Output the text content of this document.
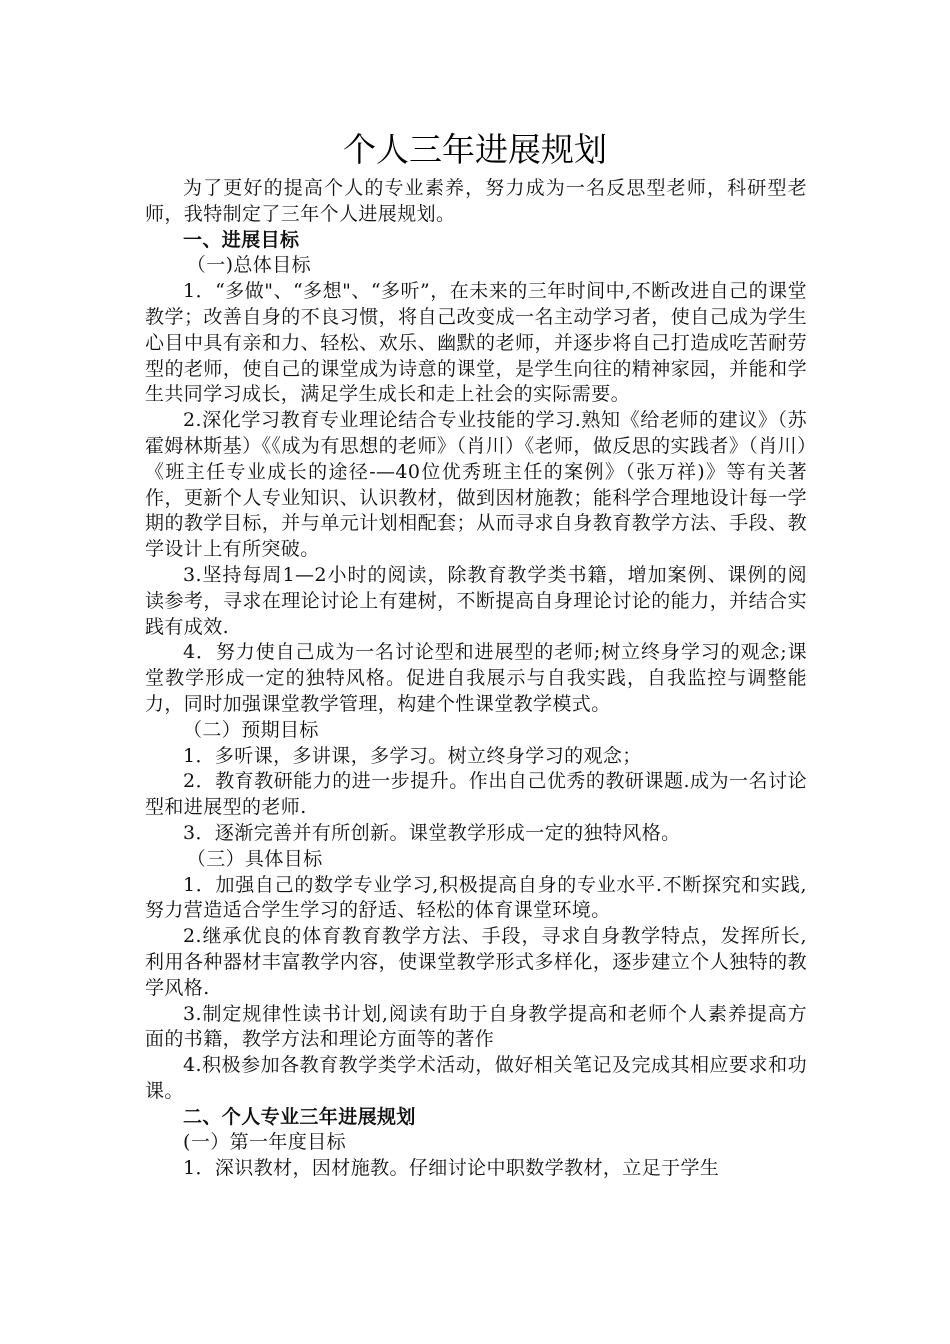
个人三年进展规划

为了更好的提高个人的专业素养，努力成为一名反思型老师，科研型老师，我特制定了三年个人进展规划。

一、进展目标

（一)总体目标

1．“多做"、“多想"、“多听”，在未来的三年时间中,不断改进自己的课堂教学；改善自身的不良习惯，将自己改变成一名主动学习者，使自己成为学生心目中具有亲和力、轻松、欢乐、幽默的老师，并逐步将自己打造成吃苦耐劳型的老师，使自己的课堂成为诗意的课堂，是学生向往的精神家园，并能和学生共同学习成长，满足学生成长和走上社会的实际需要。

2.深化学习教育专业理论结合专业技能的学习.熟知《给老师的建议》（苏霍姆林斯基）《《成为有思想的老师》（肖川）《老师，做反思的实践者》（肖川）《班主任专业成长的途径-—40位优秀班主任的案例》（张万祥)》等有关著作，更新个人专业知识、认识教材，做到因材施教；能科学合理地设计每一学期的教学目标，并与单元计划相配套；从而寻求自身教育教学方法、手段、教学设计上有所突破。

3.坚持每周1—2小时的阅读，除教育教学类书籍，增加案例、课例的阅读参考，寻求在理论讨论上有建树，不断提高自身理论讨论的能力，并结合实践有成效.

4．努力使自己成为一名讨论型和进展型的老师;树立终身学习的观念;课堂教学形成一定的独特风格。促进自我展示与自我实践，自我监控与调整能力，同时加强课堂教学管理，构建个性课堂教学模式。

（二）预期目标

1．多听课，多讲课，多学习。树立终身学习的观念；

2．教育教研能力的进一步提升。作出自己优秀的教研课题.成为一名讨论型和进展型的老师.

3．逐渐完善并有所创新。课堂教学形成一定的独特风格。

（三）具体目标

1．加强自己的数学专业学习,积极提高自身的专业水平.不断探究和实践,努力营造适合学生学习的舒适、轻松的体育课堂环境。

2.继承优良的体育教育教学方法、手段，寻求自身教学特点，发挥所长,利用各种器材丰富教学内容，使课堂教学形式多样化，逐步建立个人独特的教学风格.

3.制定规律性读书计划,阅读有助于自身教学提高和老师个人素养提高方面的书籍，教学方法和理论方面等的著作

4.积极参加各教育教学类学术活动，做好相关笔记及完成其相应要求和功课。

二、个人专业三年进展规划

(一）第一年度目标

1．深识教材，因材施教。仔细讨论中职数学教材，立足于学生
